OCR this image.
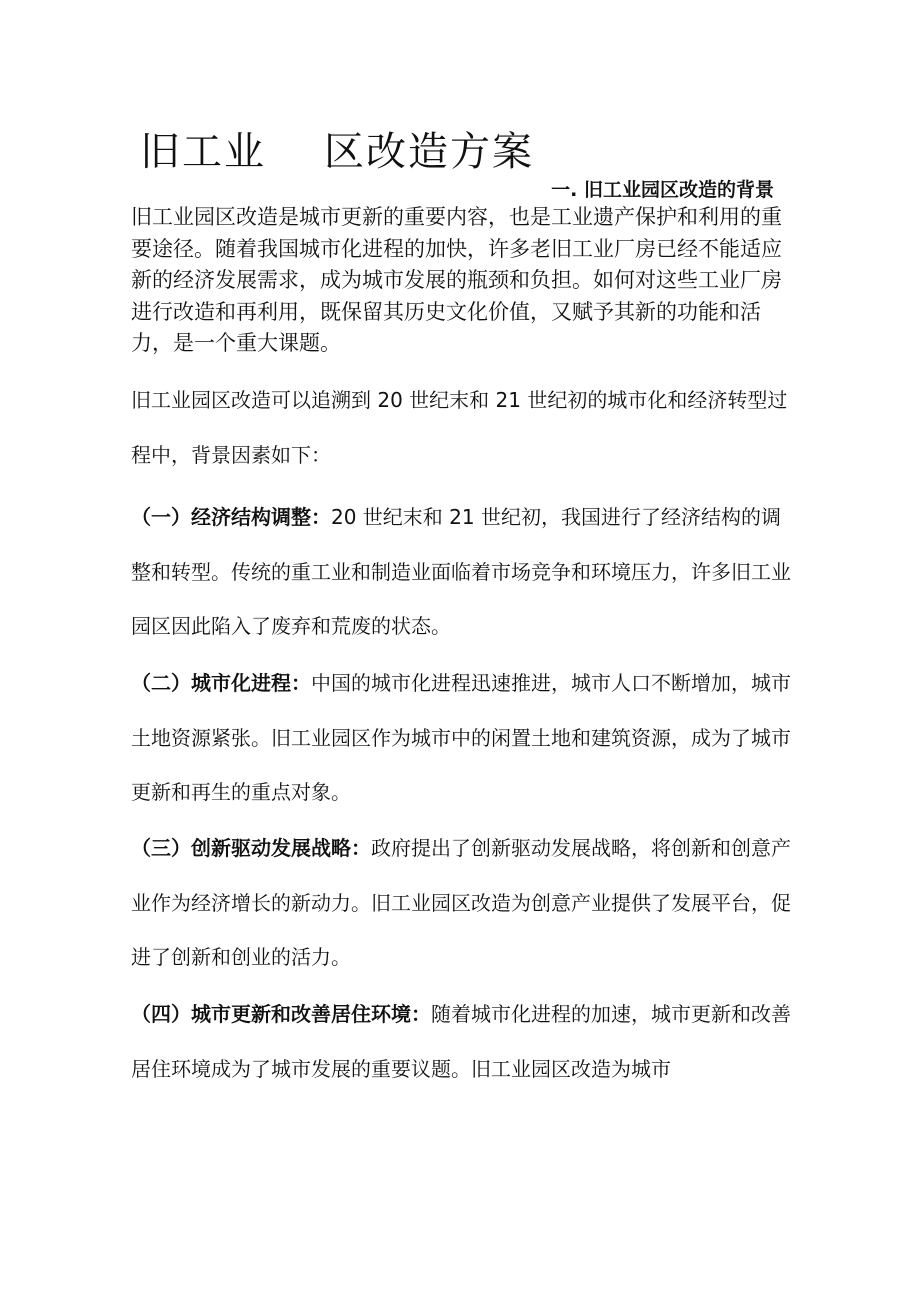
旧工业 区改造方案
一. 旧工业园区改造的背景

旧工业园区改造是城市更新的重要内容，也是工业遗产保护和利用的重要途径。随着我国城市化进程的加快，许多老旧工业厂房已经不能适应新的经济发展需求，成为城市发展的瓶颈和负担。如何对这些工业厂房进行改造和再利用，既保留其历史文化价值，又赋予其新的功能和活力，是一个重大课题。

旧工业园区改造可以追溯到 20 世纪末和 21 世纪初的城市化和经济转型过程中，背景因素如下：

（一）经济结构调整：20 世纪末和 21 世纪初，我国进行了经济结构的调整和转型。传统的重工业和制造业面临着市场竞争和环境压力，许多旧工业园区因此陷入了废弃和荒废的状态。

（二）城市化进程：中国的城市化进程迅速推进，城市人口不断增加，城市土地资源紧张。旧工业园区作为城市中的闲置土地和建筑资源，成为了城市更新和再生的重点对象。

（三）创新驱动发展战略：政府提出了创新驱动发展战略，将创新和创意产业作为经济增长的新动力。旧工业园区改造为创意产业提供了发展平台，促进了创新和创业的活力。

（四）城市更新和改善居住环境：随着城市化进程的加速，城市更新和改善居住环境成为了城市发展的重要议题。旧工业园区改造为城市
